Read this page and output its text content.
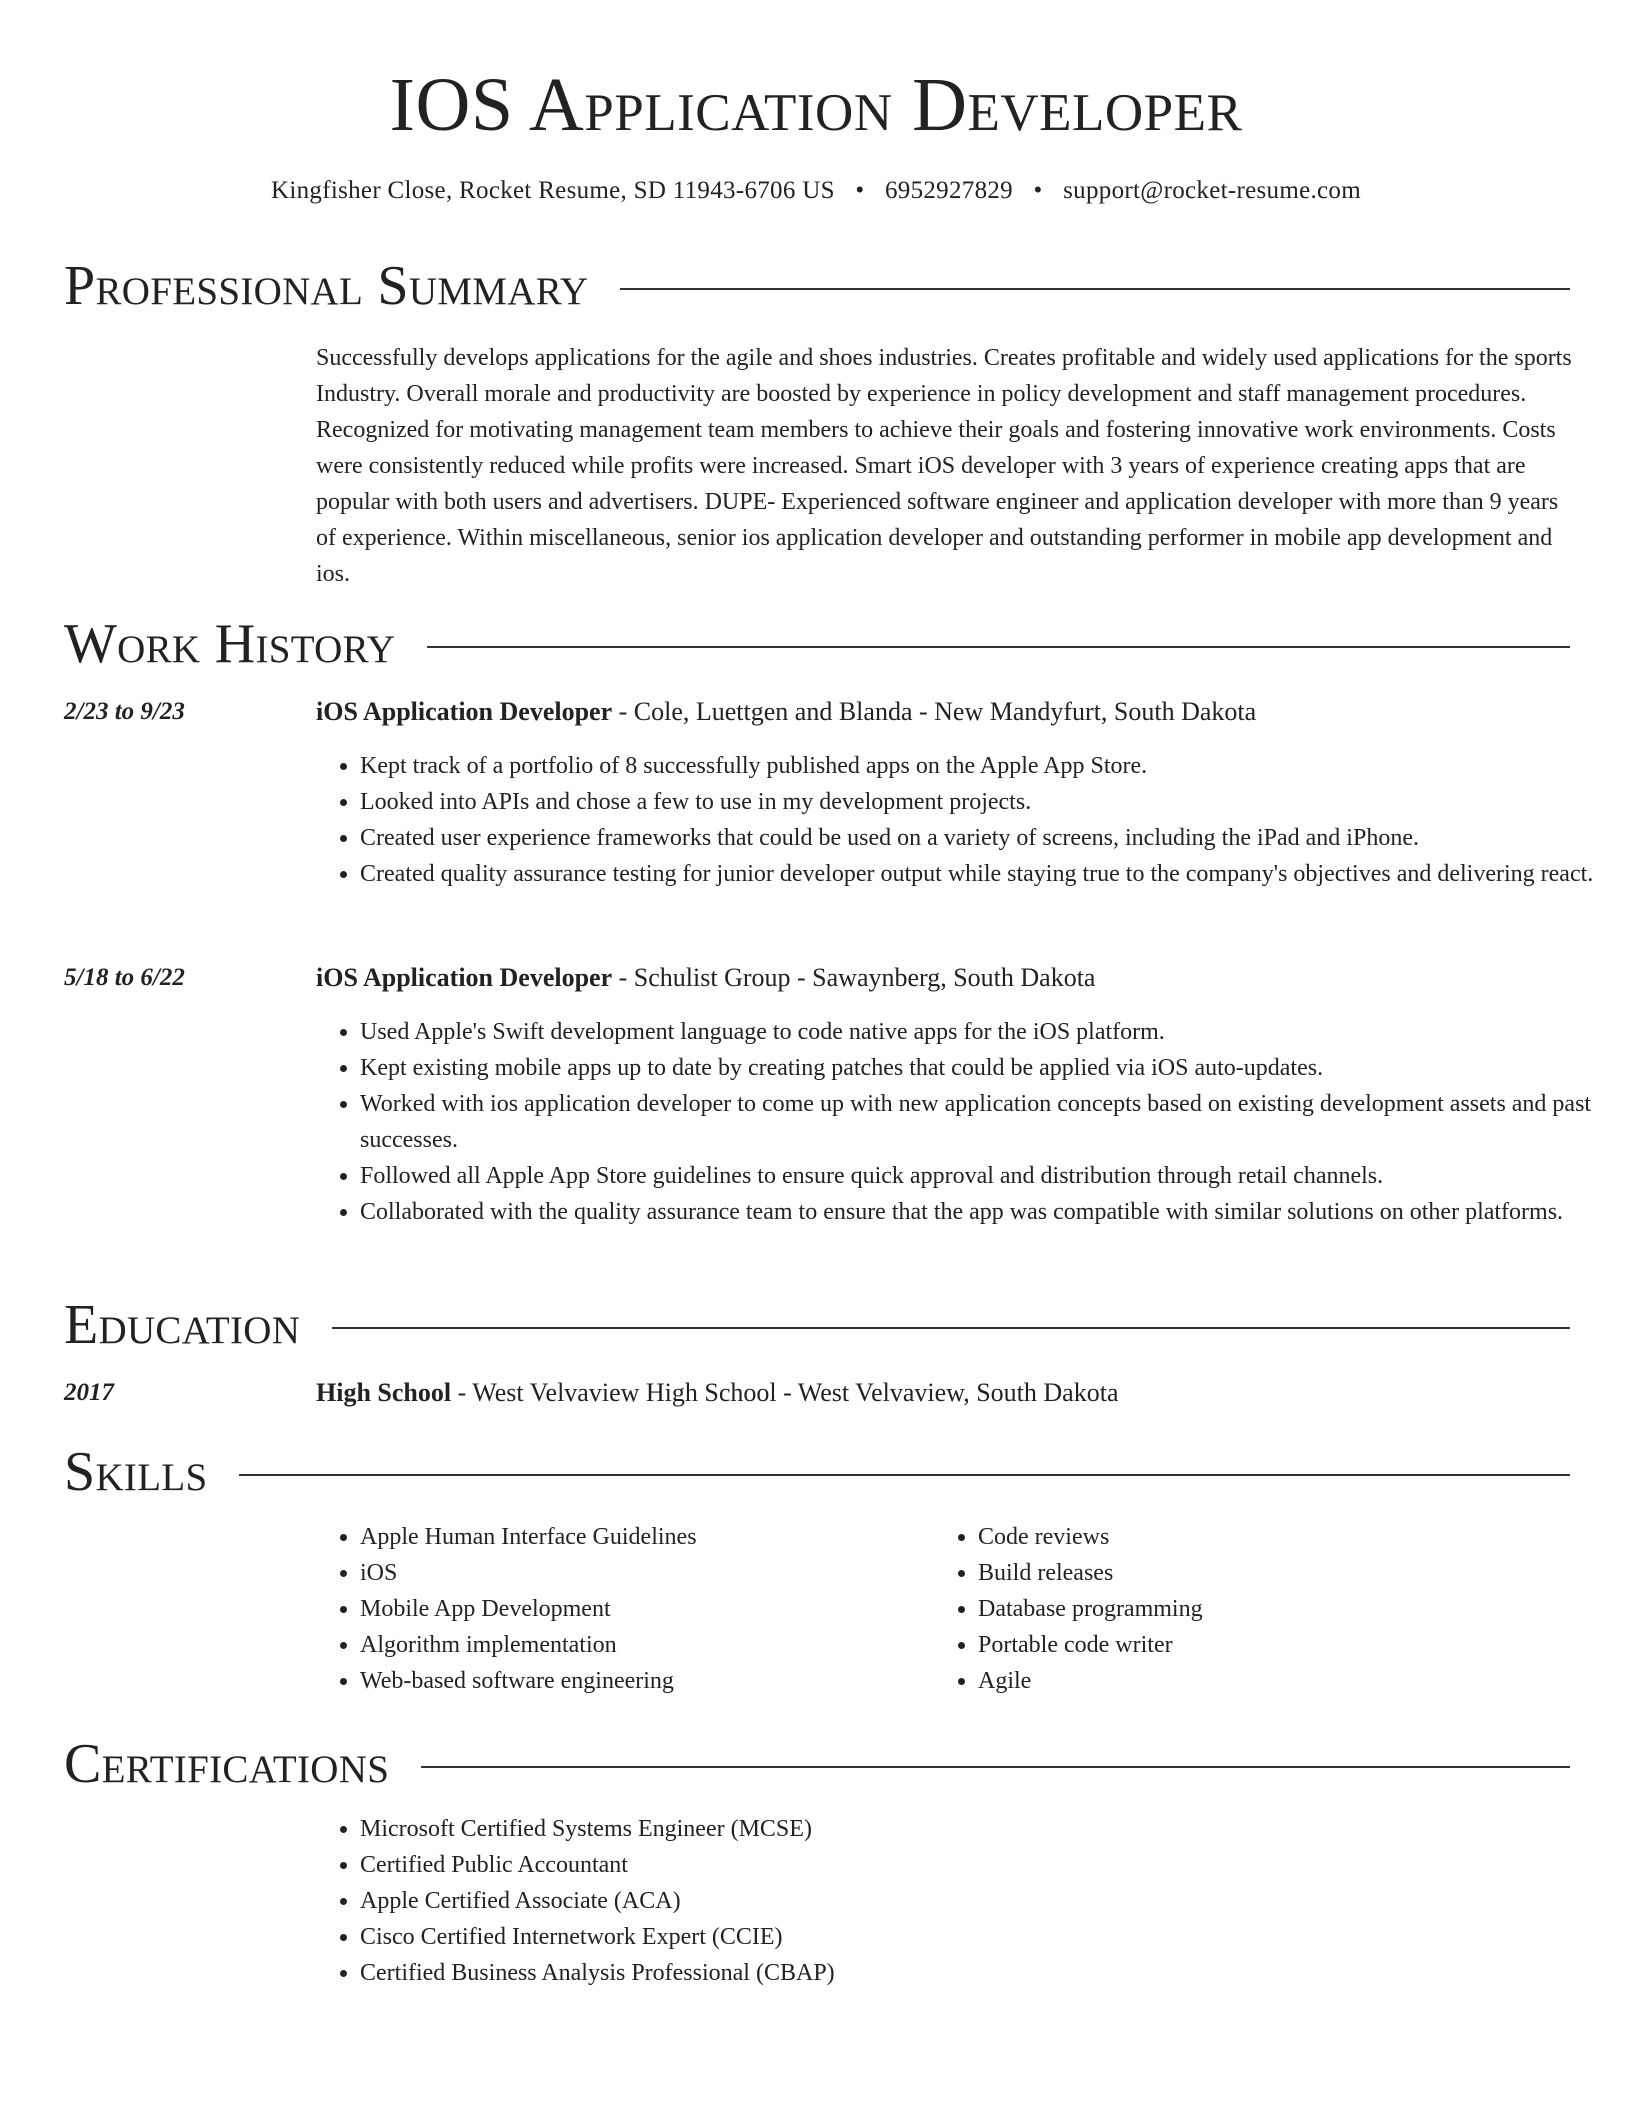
IOS Application Developer
Kingfisher Close, Rocket Resume, SD 11943-6706 US • 6952927829 • support@rocket-resume.com
Professional Summary
Successfully develops applications for the agile and shoes industries. Creates profitable and widely used applications for the sports Industry. Overall morale and productivity are boosted by experience in policy development and staff management procedures. Recognized for motivating management team members to achieve their goals and fostering innovative work environments. Costs were consistently reduced while profits were increased. Smart iOS developer with 3 years of experience creating apps that are popular with both users and advertisers. DUPE- Experienced software engineer and application developer with more than 9 years of experience. Within miscellaneous, senior ios application developer and outstanding performer in mobile app development and ios.
Work History
2/23 to 9/23	iOS Application Developer - Cole, Luettgen and Blanda - New Mandyfurt, South Dakota
• Kept track of a portfolio of 8 successfully published apps on the Apple App Store.
• Looked into APIs and chose a few to use in my development projects.
• Created user experience frameworks that could be used on a variety of screens, including the iPad and iPhone.
• Created quality assurance testing for junior developer output while staying true to the company's objectives and delivering react.
5/18 to 6/22	iOS Application Developer - Schulist Group - Sawaynberg, South Dakota
• Used Apple's Swift development language to code native apps for the iOS platform.
• Kept existing mobile apps up to date by creating patches that could be applied via iOS auto-updates.
• Worked with ios application developer to come up with new application concepts based on existing development assets and past successes.
• Followed all Apple App Store guidelines to ensure quick approval and distribution through retail channels.
• Collaborated with the quality assurance team to ensure that the app was compatible with similar solutions on other platforms.
Education
2017	High School - West Velvaview High School - West Velvaview, South Dakota
Skills
• Apple Human Interface Guidelines
• iOS
• Mobile App Development
• Algorithm implementation
• Web-based software engineering
• Code reviews
• Build releases
• Database programming
• Portable code writer
• Agile
Certifications
• Microsoft Certified Systems Engineer (MCSE)
• Certified Public Accountant
• Apple Certified Associate (ACA)
• Cisco Certified Internetwork Expert (CCIE)
• Certified Business Analysis Professional (CBAP)
